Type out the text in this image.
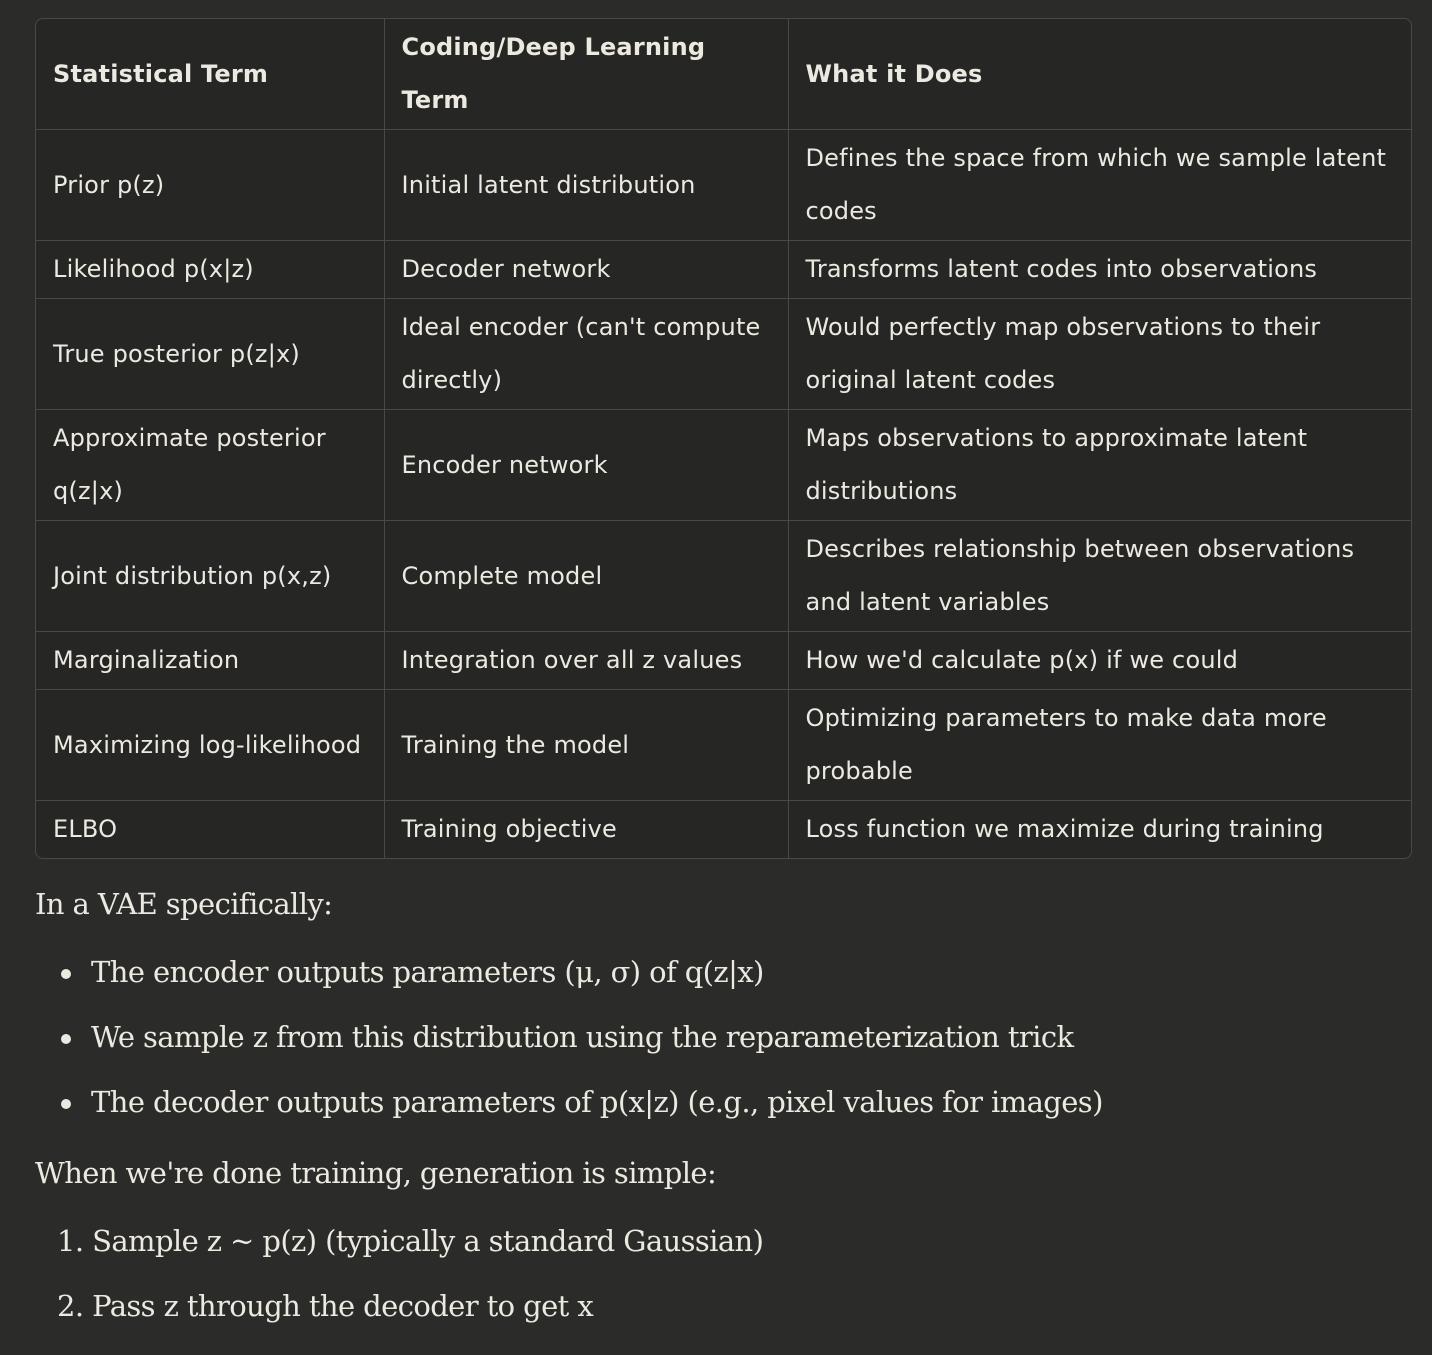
Statistical Term	Coding/Deep Learning Term	What it Does
Prior p(z)	Initial latent distribution	Defines the space from which we sample latent codes
Likelihood p(x|z)	Decoder network	Transforms latent codes into observations
True posterior p(z|x)	Ideal encoder (can't compute directly)	Would perfectly map observations to their original latent codes
Approximate posterior q(z|x)	Encoder network	Maps observations to approximate latent distributions
Joint distribution p(x,z)	Complete model	Describes relationship between observations and latent variables
Marginalization	Integration over all z values	How we'd calculate p(x) if we could
Maximizing log-likelihood	Training the model	Optimizing parameters to make data more probable
ELBO	Training objective	Loss function we maximize during training

In a VAE specifically:

The encoder outputs parameters (μ, σ) of q(z|x)
We sample z from this distribution using the reparameterization trick
The decoder outputs parameters of p(x|z) (e.g., pixel values for images)

When we're done training, generation is simple:

1. Sample z ~ p(z) (typically a standard Gaussian)
2. Pass z through the decoder to get x
